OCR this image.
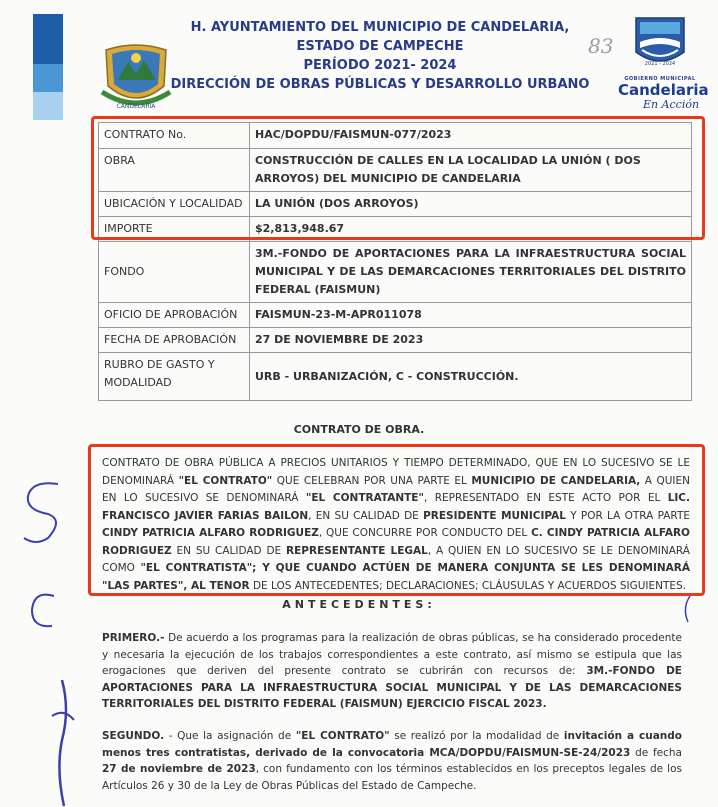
CANDELARIA
H. AYUNTAMIENTO DEL MUNICIPIO DE CANDELARIA,
ESTADO DE CAMPECHE
PERÍODO 2021- 2024
DIRECCIÓN DE OBRAS PÚBLICAS Y DESARROLLO URBANO
83
2021 - 2024
GOBIERNO MUNICIPAL
Candelaria
En Acción
CONTRATO No.	HAC/DOPDU/FAISMUN-077/2023
OBRA	CONSTRUCCIÓN DE CALLES EN LA LOCALIDAD LA UNIÓN ( DOS ARROYOS) DEL MUNICIPIO DE CANDELARIA
UBICACIÓN Y LOCALIDAD	LA UNIÓN (DOS ARROYOS)
IMPORTE	$2,813,948.67
FONDO	3M.-FONDO DE APORTACIONES PARA LA INFRAESTRUCTURA SOCIAL MUNICIPAL Y DE LAS DEMARCACIONES TERRITORIALES DEL DISTRITO FEDERAL (FAISMUN)
OFICIO DE APROBACIÓN	FAISMUN-23-M-APR011078
FECHA DE APROBACIÓN	27 DE NOVIEMBRE DE 2023
RUBRO DE GASTO Y MODALIDAD	URB - URBANIZACIÓN, C - CONSTRUCCIÓN.
CONTRATO DE OBRA.
CONTRATO DE OBRA PÚBLICA A PRECIOS UNITARIOS Y TIEMPO DETERMINADO, QUE EN LO SUCESIVO SE LE DENOMINARÁ "EL CONTRATO" QUE CELEBRAN POR UNA PARTE EL MUNICIPIO DE CANDELARIA, A QUIEN EN LO SUCESIVO SE DENOMINARÁ "EL CONTRATANTE", REPRESENTADO EN ESTE ACTO POR EL LIC. FRANCISCO JAVIER FARIAS BAILON, EN SU CALIDAD DE PRESIDENTE MUNICIPAL Y POR LA OTRA PARTE CINDY PATRICIA ALFARO RODRIGUEZ, QUE CONCURRE POR CONDUCTO DEL C. CINDY PATRICIA ALFARO RODRIGUEZ EN SU CALIDAD DE REPRESENTANTE LEGAL, A QUIEN EN LO SUCESIVO SE LE DENOMINARÁ COMO "EL CONTRATISTA"; Y QUE CUANDO ACTÚEN DE MANERA CONJUNTA SE LES DENOMINARÁ "LAS PARTES", AL TENOR DE LOS ANTECEDENTES; DECLARACIONES; CLÁUSULAS Y ACUERDOS SIGUIENTES.
ANTECEDENTES:
PRIMERO.- De acuerdo a los programas para la realización de obras públicas, se ha considerado procedente y necesaria la ejecución de los trabajos correspondientes a este contrato, así mismo se estipula que las erogaciones que deriven del presente contrato se cubrirán con recursos de: 3M.-FONDO DE APORTACIONES PARA LA INFRAESTRUCTURA SOCIAL MUNICIPAL Y DE LAS DEMARCACIONES TERRITORIALES DEL DISTRITO FEDERAL (FAISMUN) EJERCICIO FISCAL 2023.
SEGUNDO. - Que la asignación de "EL CONTRATO" se realizó por la modalidad de invitación a cuando menos tres contratistas, derivado de la convocatoria MCA/DOPDU/FAISMUN-SE-24/2023 de fecha 27 de noviembre de 2023, con fundamento con los términos establecidos en los preceptos legales de los Artículos 26 y 30 de la Ley de Obras Públicas del Estado de Campeche.
